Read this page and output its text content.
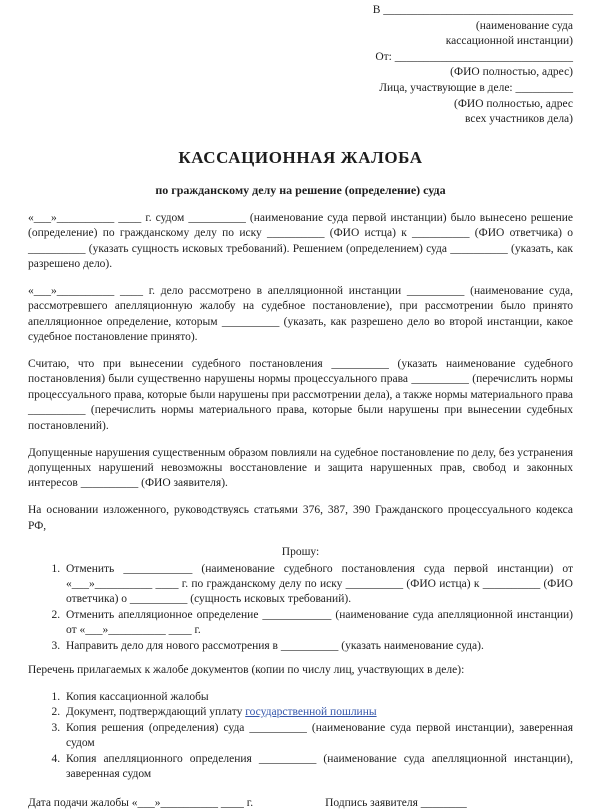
В _________________________________
(наименование суда
кассационной инстанции)
От: _______________________________
(ФИО полностью, адрес)
Лица, участвующие в деле: __________
(ФИО полностью, адрес
всех участников дела)
КАССАЦИОННАЯ ЖАЛОБА
по гражданскому делу на решение (определение) суда

«___»__________ ____ г. судом __________ (наименование суда первой инстанции) было вынесено решение (определение) по гражданскому делу по иску __________ (ФИО истца) к __________ (ФИО ответчика) о __________ (указать сущность исковых требований). Решением (определением) суда __________ (указать, как разрешено дело).

«___»__________ ____ г. дело рассмотрено в апелляционной инстанции __________ (наименование суда, рассмотревшего апелляционную жалобу на судебное постановление), при рассмотрении было принято апелляционное определение, которым __________ (указать, как разрешено дело во второй инстанции, какое судебное постановление принято).

Считаю, что при вынесении судебного постановления __________ (указать наименование судебного постановления) были существенно нарушены нормы процессуального права __________ (перечислить нормы процессуального права, которые были нарушены при рассмотрении дела), а также нормы материального права __________ (перечислить нормы материального права, которые были нарушены при вынесении судебных постановлений).

Допущенные нарушения существенным образом повлияли на судебное постановление по делу, без устранения допущенных нарушений невозможны восстановление и защита нарушенных прав, свобод и законных интересов __________ (ФИО заявителя).

На основании изложенного, руководствуясь статьями 376, 387, 390 Гражданского процессуального кодекса РФ,

Прошу:
1. Отменить ____________ (наименование судебного постановления суда первой инстанции) от «___»__________ ____ г. по гражданскому делу по иску __________ (ФИО истца) к __________ (ФИО ответчика) о __________ (сущность исковых требований).
2. Отменить апелляционное определение ____________ (наименование суда апелляционной инстанции) от «___»__________ ____ г.
3. Направить дело для нового рассмотрения в __________ (указать наименование суда).

Перечень прилагаемых к жалобе документов (копии по числу лиц, участвующих в деле):

1. Копия кассационной жалобы
2. Документ, подтверждающий уплату государственной пошлины
3. Копия решения (определения) суда __________ (наименование суда первой инстанции), заверенная судом
4. Копия апелляционного определения __________ (наименование суда апелляционной инстанции), заверенная судом
Дата подачи жалобы «___»__________ ____ г.	Подпись заявителя ________
